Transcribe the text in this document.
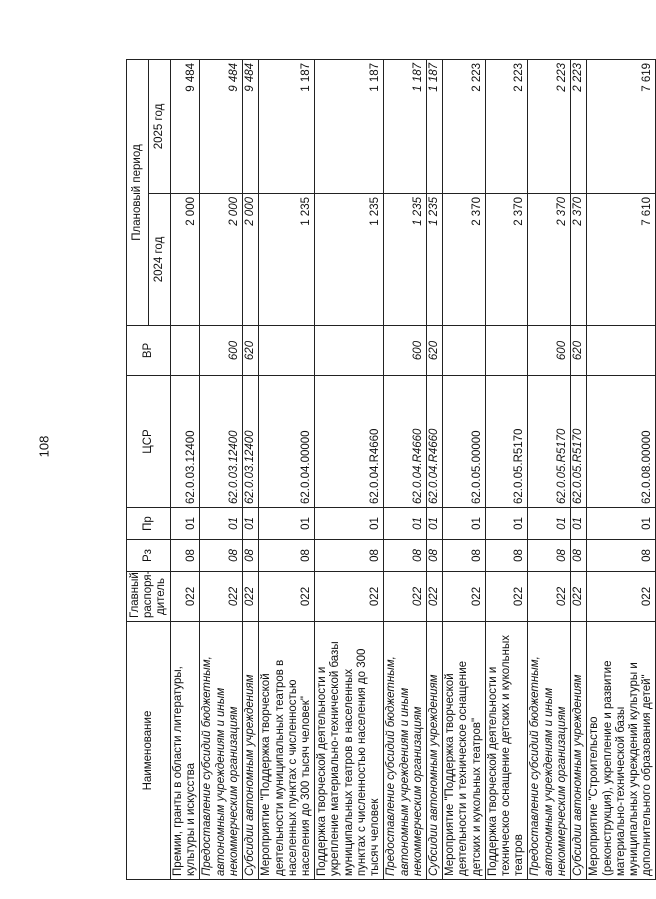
108
Наименование	Главный распоря-дитель	Рз	Пр	ЦСР	ВР	Плановый период	
						2024 год	2025 год
Премии, гранты в области литературы, культуры и искусства	022	08	01	62.0.03.12400		2 000	9 484
Предоставление субсидий бюджетным, автономным учреждениям и иным некоммерческим организациям	022	08	01	62.0.03.12400	600	2 000	9 484
Субсидии автономным учреждениям	022	08	01	62.0.03.12400	620	2 000	9 484
Мероприятие "Поддержка творческой деятельности муниципальных театров в населенных пунктах с численностью населения до 300 тысяч человек"	022	08	01	62.0.04.00000		1 235	1 187
Поддержка творческой деятельности и укрепление материально-технической базы муниципальных театров в населенных пунктах с численностью населения до 300 тысяч человек	022	08	01	62.0.04.R4660		1 235	1 187
Предоставление субсидий бюджетным, автономным учреждениям и иным некоммерческим организациям	022	08	01	62.0.04.R4660	600	1 235	1 187
Субсидии автономным учреждениям	022	08	01	62.0.04.R4660	620	1 235	1 187
Мероприятие "Поддержка творческой деятельности и техническое оснащение детских и кукольных театров"	022	08	01	62.0.05.00000		2 370	2 223
Поддержка творческой деятельности и техническое оснащение детских и кукольных театров	022	08	01	62.0.05.R5170		2 370	2 223
Предоставление субсидий бюджетным, автономным учреждениям и иным некоммерческим организациям	022	08	01	62.0.05.R5170	600	2 370	2 223
Субсидии автономным учреждениям	022	08	01	62.0.05.R5170	620	2 370	2 223
Мероприятие "Строительство (реконструкция), укрепление и развитие материально-технической базы муниципальных учреждений культуры и дополнительного образования детей"	022	08	01	62.0.08.00000		7 610	7 619
